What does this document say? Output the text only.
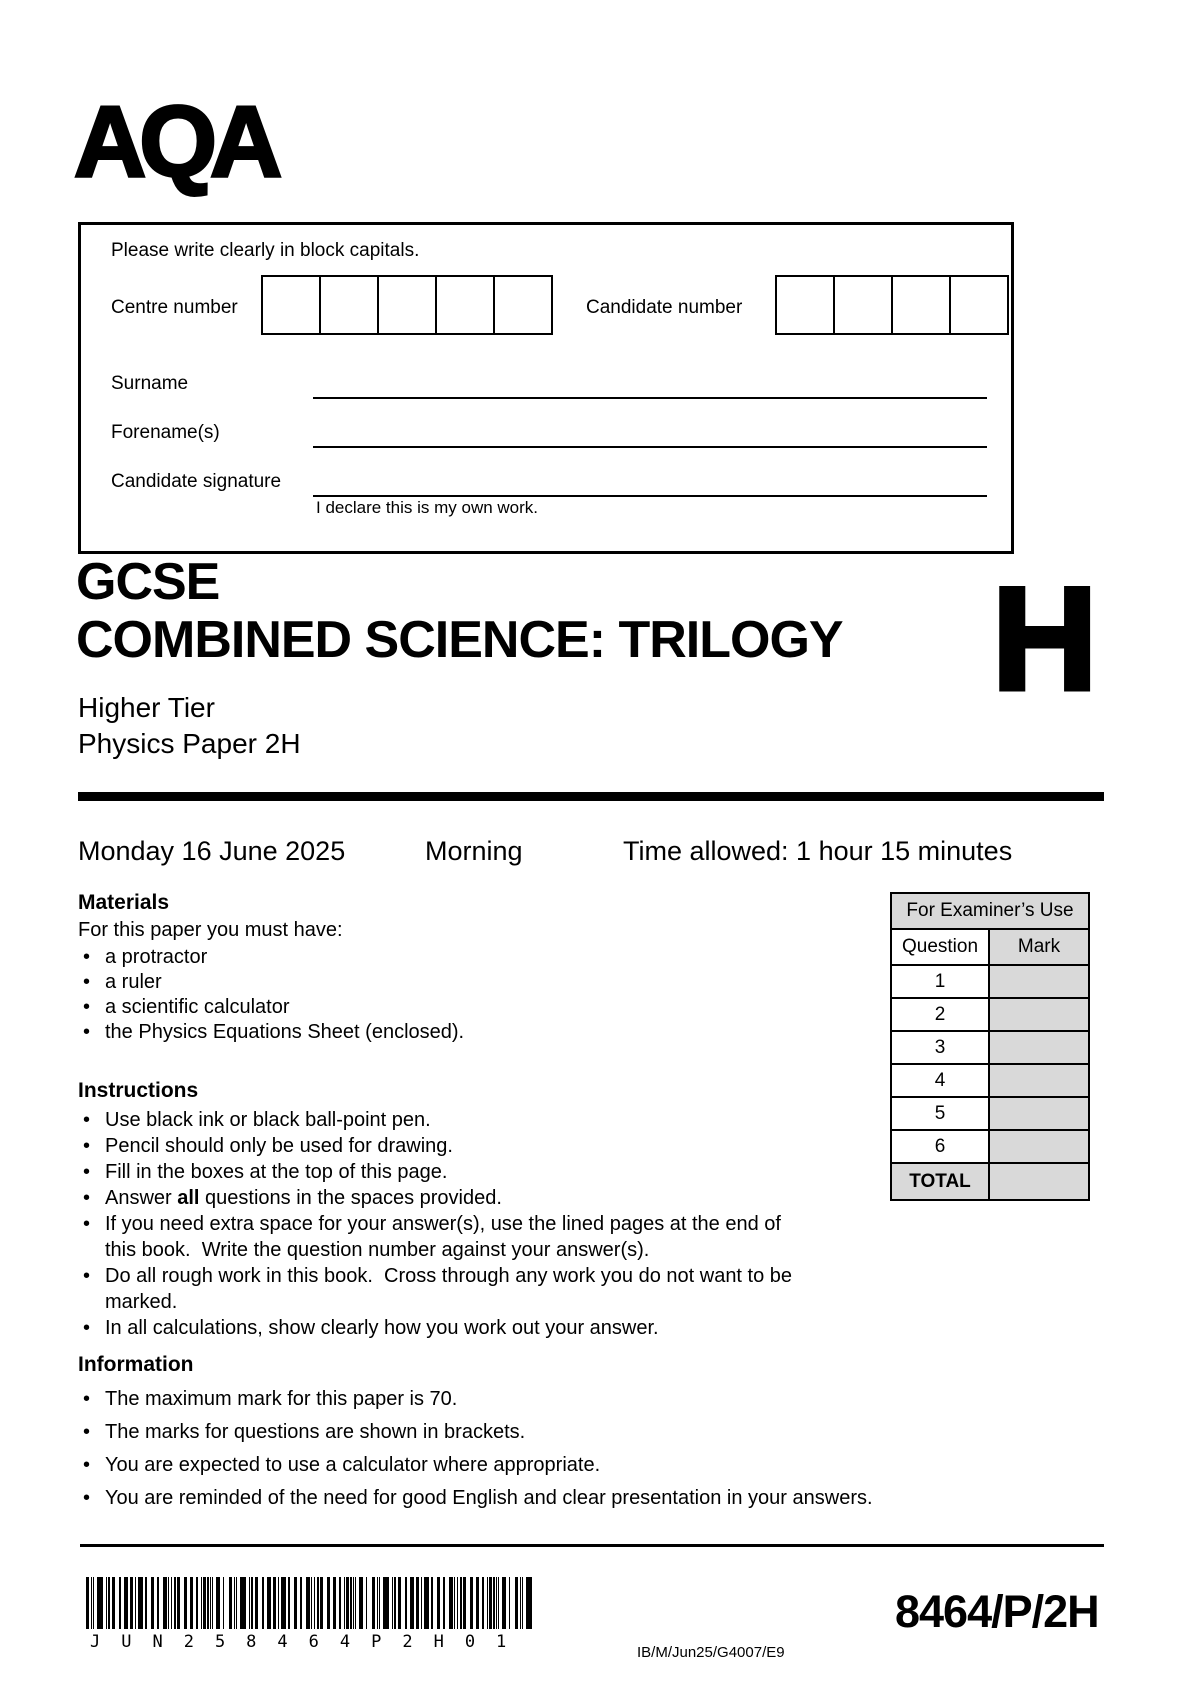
AQA
Please write clearly in block capitals.
Centre number	Candidate number
Surname
Forename(s)
Candidate signature
I declare this is my own work.
GCSE
COMBINED SCIENCE: TRILOGY H
Higher Tier
Physics Paper 2H
Monday 16 June 2025	Morning	Time allowed: 1 hour 15 minutes
Materials
For this paper you must have:
• a protractor
• a ruler
• a scientific calculator
• the Physics Equations Sheet (enclosed).
For Examiner’s Use	
Question	Mark
1	
2	
3	
4	
5	
6	
TOTAL	
Instructions
• Use black ink or black ball-point pen.
• Pencil should only be used for drawing.
• Fill in the boxes at the top of this page.
• Answer all questions in the spaces provided.
• If you need extra space for your answer(s), use the lined pages at the end of this book.  Write the question number against your answer(s).
• Do all rough work in this book.  Cross through any work you do not want to be marked.
• In all calculations, show clearly how you work out your answer.
Information
• The maximum mark for this paper is 70.
• The marks for questions are shown in brackets.
• You are expected to use a calculator where appropriate.
• You are reminded of the need for good English and clear presentation in your answers.
JUN258464P2H01
IB/M/Jun25/G4007/E9
8464/P/2H
